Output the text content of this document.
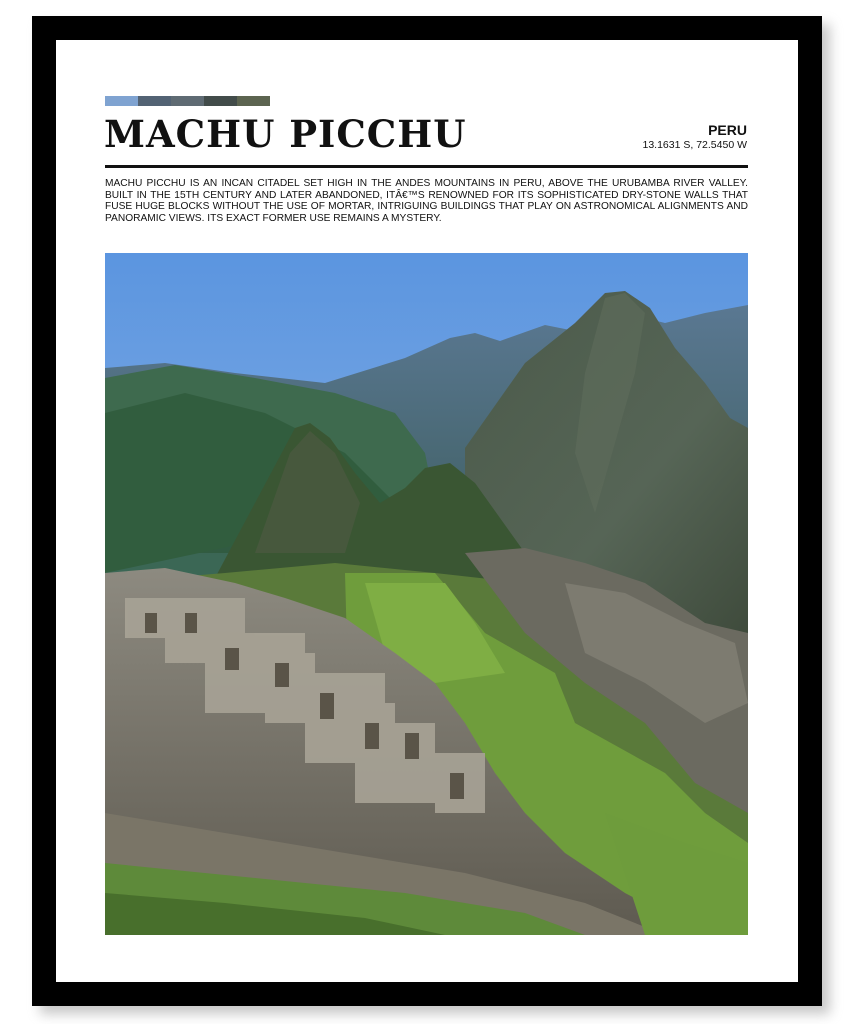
MACHU PICCHU	PERU
13.1631 S, 72.5450 W
MACHU PICCHU IS AN INCAN CITADEL SET HIGH IN THE ANDES MOUNTAINS IN PERU, ABOVE THE URUBAMBA RIVER VALLEY. BUILT IN THE 15TH CENTURY AND LATER ABANDONED, ITÂ€™S RENOWNED FOR ITS SOPHISTICATED DRY-STONE WALLS THAT FUSE HUGE BLOCKS WITHOUT THE USE OF MORTAR, INTRIGUING BUILDINGS THAT PLAY ON ASTRONOMICAL ALIGNMENTS AND PANORAMIC VIEWS. ITS EXACT FORMER USE REMAINS A MYSTERY.
